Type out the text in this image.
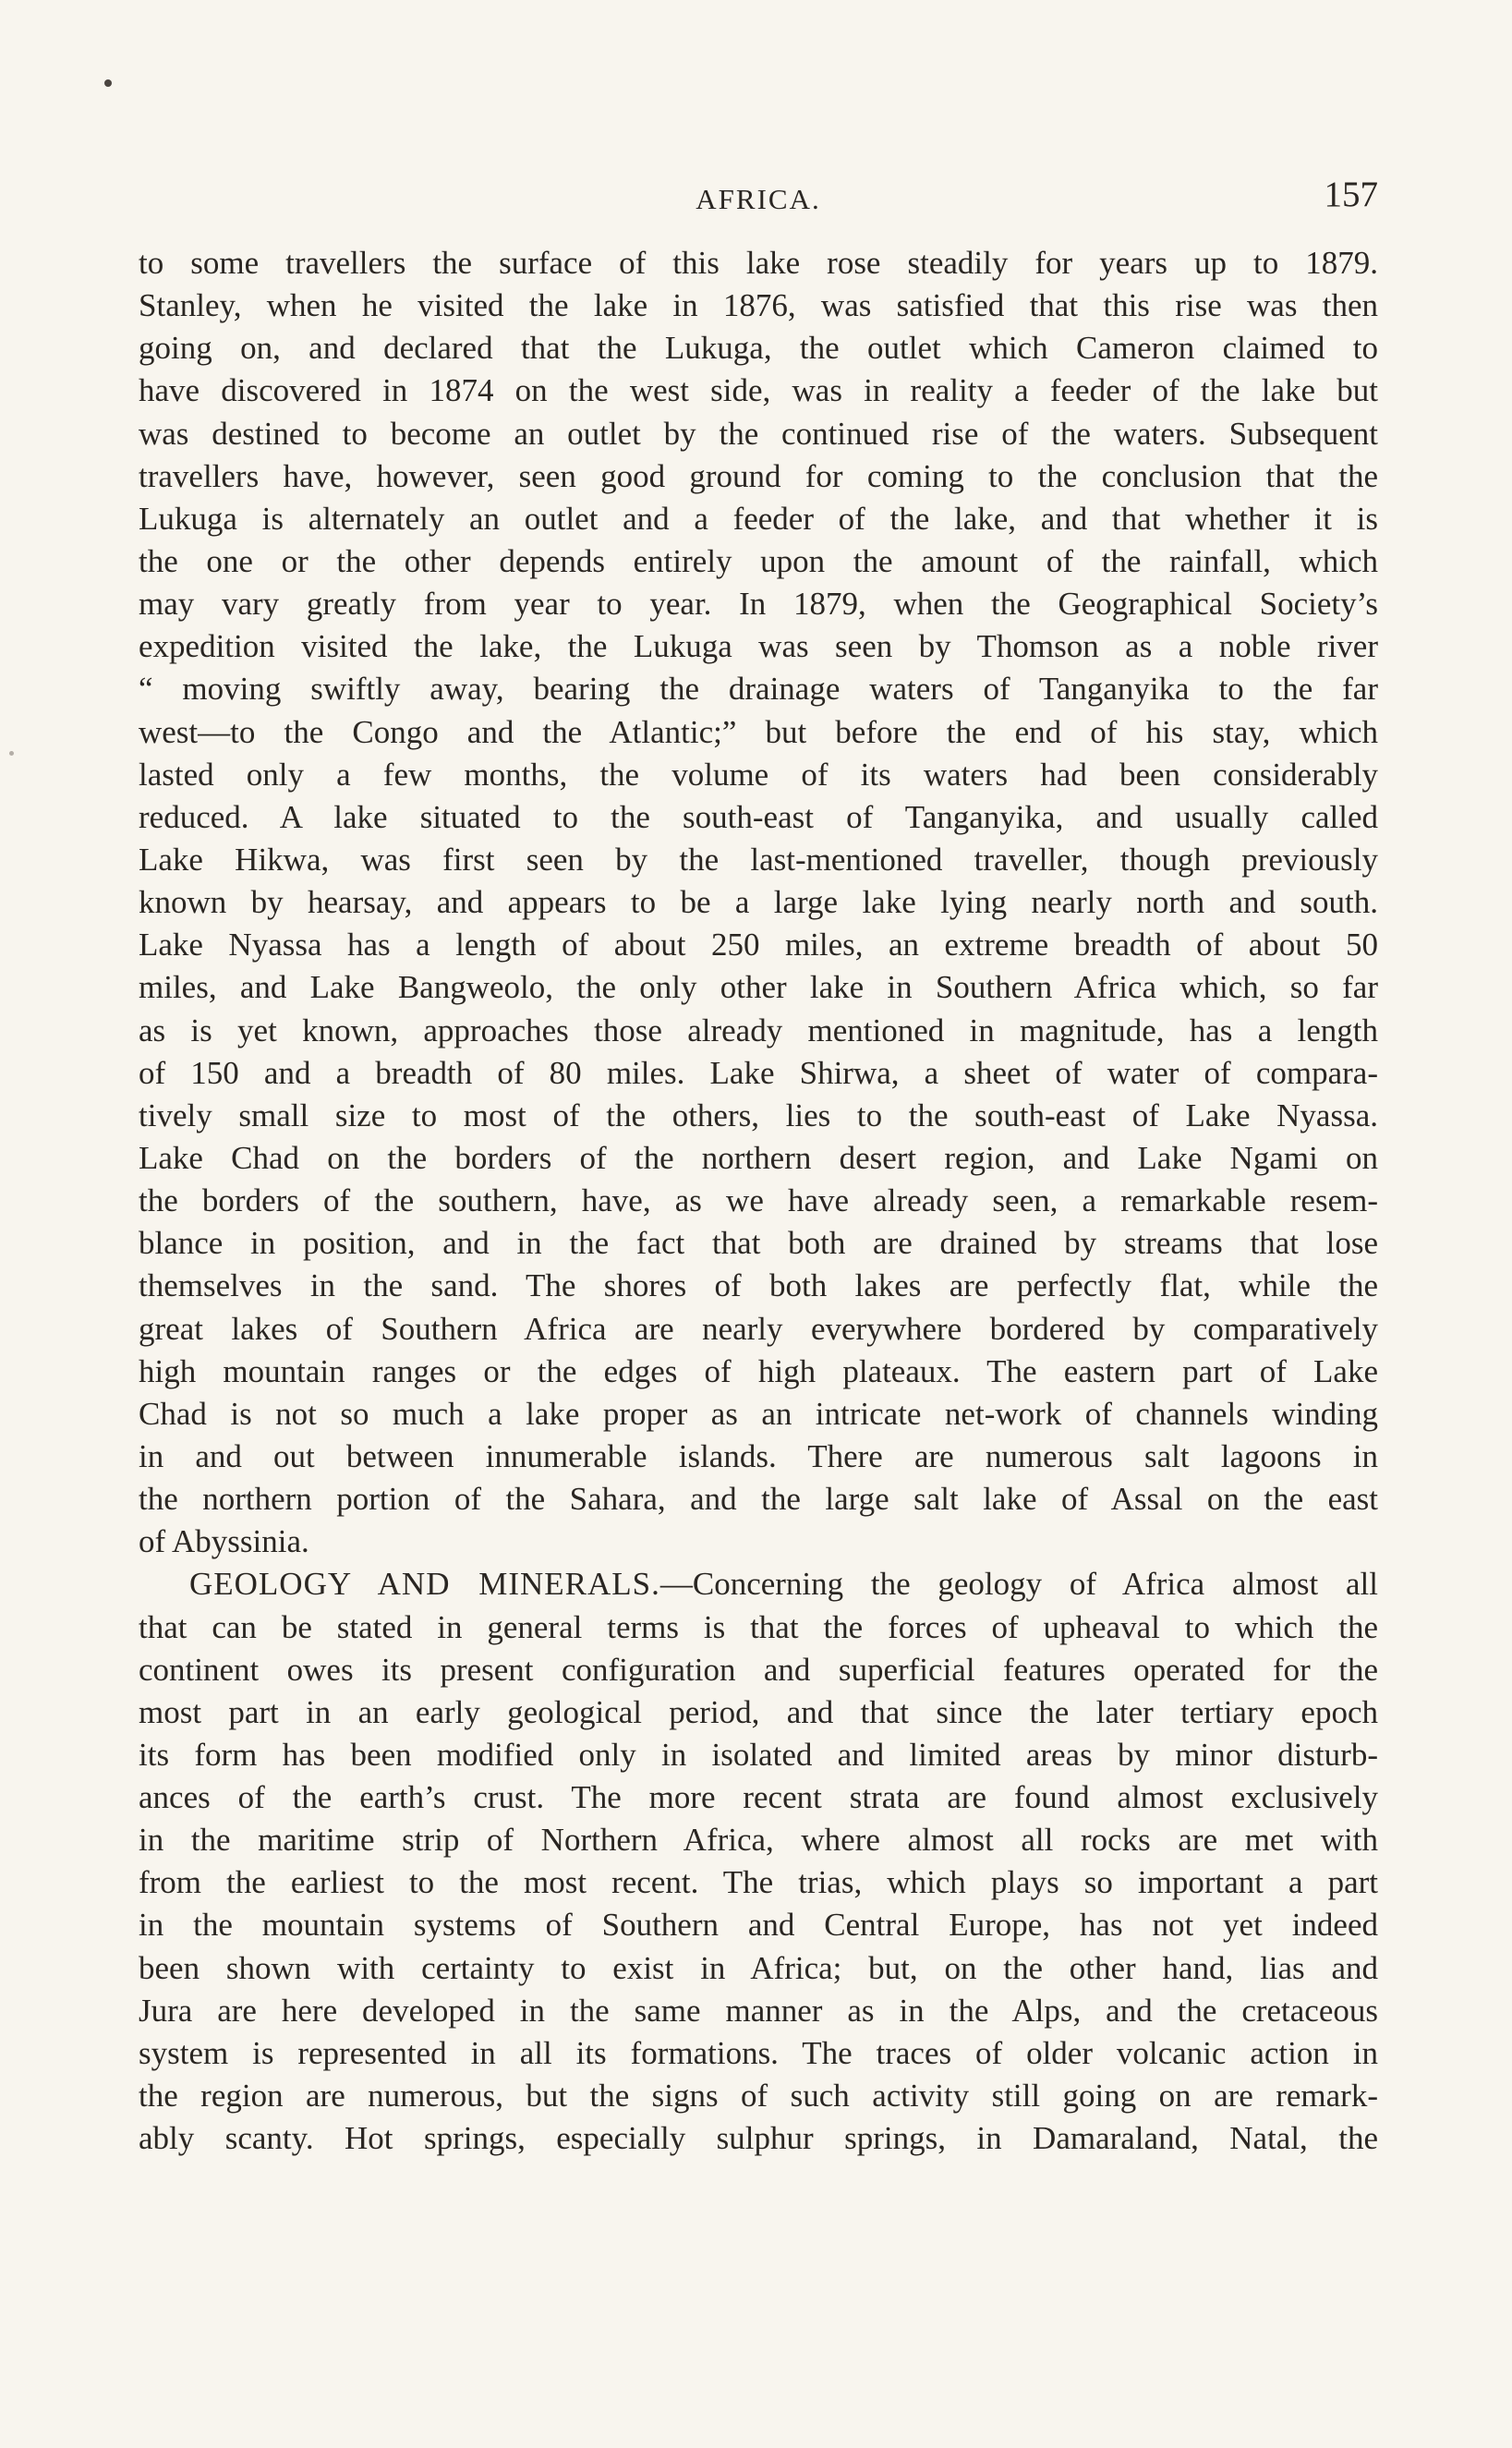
AFRICA.	157
to some travellers the surface of this lake rose steadily for years up to 1879.
Stanley, when he visited the lake in 1876, was satisfied that this rise was then
going on, and declared that the Lukuga, the outlet which Cameron claimed to
have discovered in 1874 on the west side, was in reality a feeder of the lake but
was destined to become an outlet by the continued rise of the waters. Subsequent
travellers have, however, seen good ground for coming to the conclusion that the
Lukuga is alternately an outlet and a feeder of the lake, and that whether it is
the one or the other depends entirely upon the amount of the rainfall, which
may vary greatly from year to year. In 1879, when the Geographical Society’s
expedition visited the lake, the Lukuga was seen by Thomson as a noble river
“ moving swiftly away, bearing the drainage waters of Tanganyika to the far
west—to the Congo and the Atlantic;” but before the end of his stay, which
lasted only a few months, the volume of its waters had been considerably
reduced. A lake situated to the south-east of Tanganyika, and usually called
Lake Hikwa, was first seen by the last-mentioned traveller, though previously
known by hearsay, and appears to be a large lake lying nearly north and south.
Lake Nyassa has a length of about 250 miles, an extreme breadth of about 50
miles, and Lake Bangweolo, the only other lake in Southern Africa which, so far
as is yet known, approaches those already mentioned in magnitude, has a length
of 150 and a breadth of 80 miles. Lake Shirwa, a sheet of water of compara-
tively small size to most of the others, lies to the south-east of Lake Nyassa.
Lake Chad on the borders of the northern desert region, and Lake Ngami on
the borders of the southern, have, as we have already seen, a remarkable resem-
blance in position, and in the fact that both are drained by streams that lose
themselves in the sand. The shores of both lakes are perfectly flat, while the
great lakes of Southern Africa are nearly everywhere bordered by comparatively
high mountain ranges or the edges of high plateaux. The eastern part of Lake
Chad is not so much a lake proper as an intricate net-work of channels winding
in and out between innumerable islands. There are numerous salt lagoons in
the northern portion of the Sahara, and the large salt lake of Assal on the east
of Abyssinia.
GEOLOGY AND MINERALS.—Concerning the geology of Africa almost all
that can be stated in general terms is that the forces of upheaval to which the
continent owes its present configuration and superficial features operated for the
most part in an early geological period, and that since the later tertiary epoch
its form has been modified only in isolated and limited areas by minor disturb-
ances of the earth’s crust. The more recent strata are found almost exclusively
in the maritime strip of Northern Africa, where almost all rocks are met with
from the earliest to the most recent. The trias, which plays so important a part
in the mountain systems of Southern and Central Europe, has not yet indeed
been shown with certainty to exist in Africa; but, on the other hand, lias and
Jura are here developed in the same manner as in the Alps, and the cretaceous
system is represented in all its formations. The traces of older volcanic action in
the region are numerous, but the signs of such activity still going on are remark-
ably scanty. Hot springs, especially sulphur springs, in Damaraland, Natal, the
